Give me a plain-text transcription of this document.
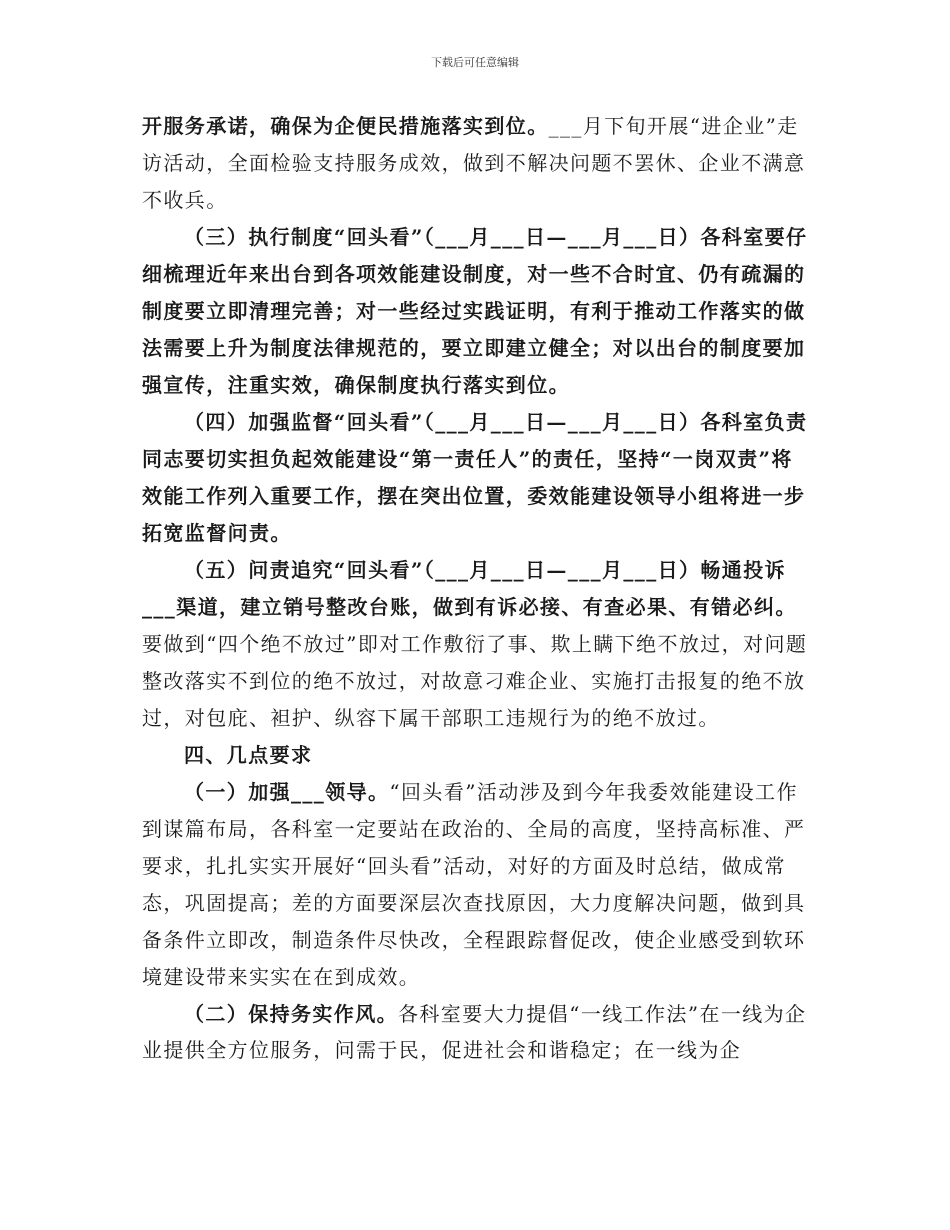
下载后可任意编辑

开服务承诺，确保为企便民措施落实到位。___月下旬开展“进企业”走访活动，全面检验支持服务成效，做到不解决问题不罢休、企业不满意不收兵。

（三）执行制度“回头看”（___月___日—___月___日）各科室要仔细梳理近年来出台到各项效能建设制度，对一些不合时宜、仍有疏漏的制度要立即清理完善；对一些经过实践证明，有利于推动工作落实的做法需要上升为制度法律规范的，要立即建立健全；对以出台的制度要加强宣传，注重实效，确保制度执行落实到位。

（四）加强监督“回头看”（___月___日—___月___日）各科室负责同志要切实担负起效能建设“第一责任人”的责任，坚持“一岗双责”将效能工作列入重要工作，摆在突出位置，委效能建设领导小组将进一步拓宽监督问责。

（五）问责追究“回头看”（___月___日—___月___日）畅通投诉___渠道，建立销号整改台账，做到有诉必接、有查必果、有错必纠。要做到“四个绝不放过”即对工作敷衍了事、欺上瞒下绝不放过，对问题整改落实不到位的绝不放过，对故意刁难企业、实施打击报复的绝不放过，对包庇、袒护、纵容下属干部职工违规行为的绝不放过。

四、几点要求

（一）加强___领导。“回头看”活动涉及到今年我委效能建设工作到谋篇布局，各科室一定要站在政治的、全局的高度，坚持高标准、严要求，扎扎实实开展好“回头看”活动，对好的方面及时总结，做成常态，巩固提高；差的方面要深层次查找原因，大力度解决问题，做到具备条件立即改，制造条件尽快改，全程跟踪督促改，使企业感受到软环境建设带来实实在在到成效。

（二）保持务实作风。各科室要大力提倡“一线工作法”在一线为企业提供全方位服务，问需于民，促进社会和谐稳定；在一线为企
